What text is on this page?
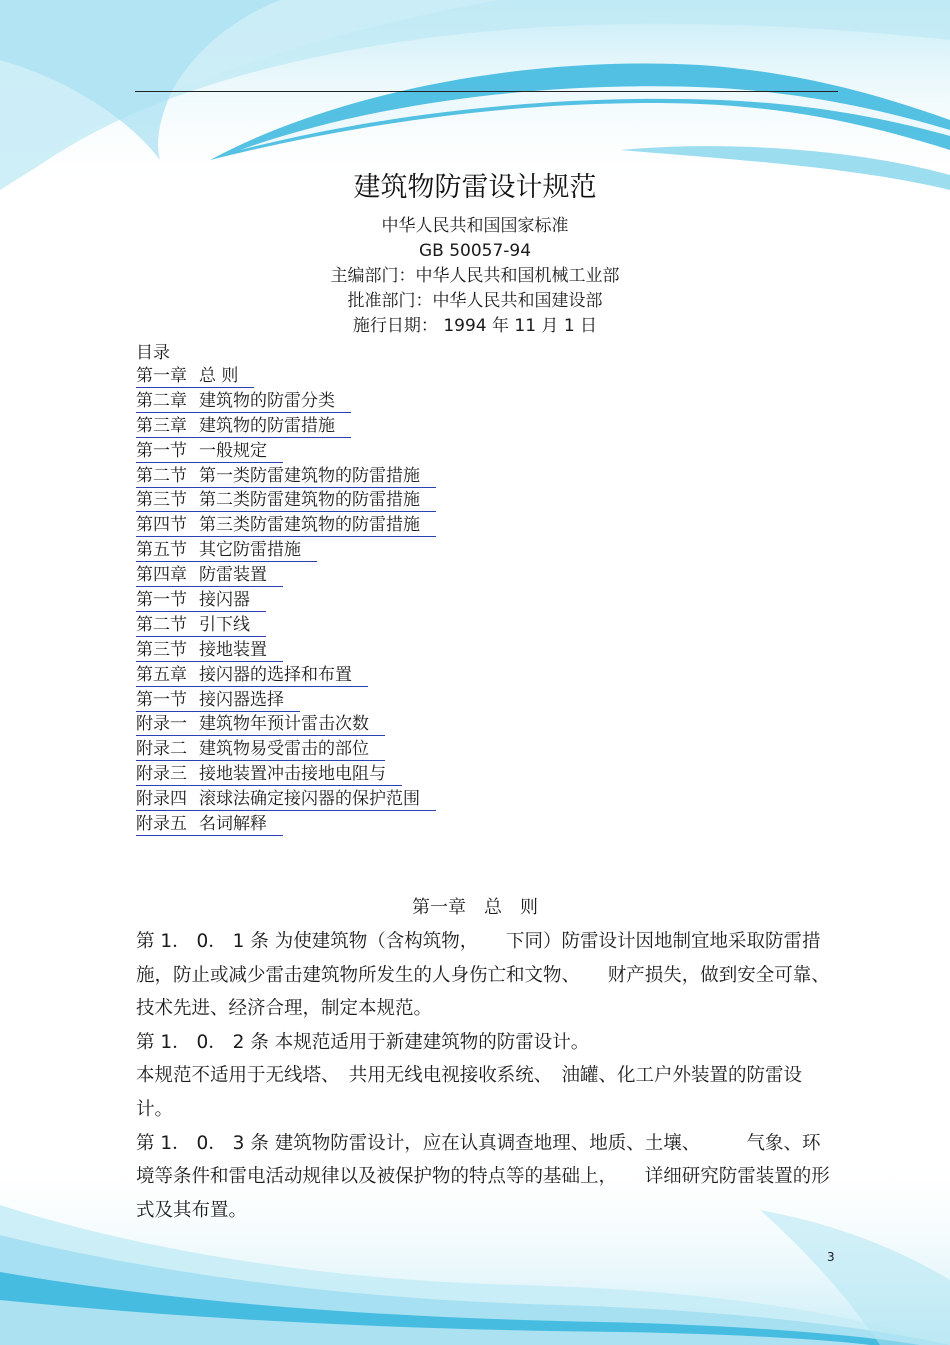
建筑物防雷设计规范
中华人民共和国国家标准
GB 50057-94
主编部门：中华人民共和国机械工业部
批准部门：中华人民共和国建设部
施行日期： 1994 年 11 月 1 日
目录
第一章 总 则
第二章 建筑物的防雷分类
第三章 建筑物的防雷措施
第一节 一般规定
第二节 第一类防雷建筑物的防雷措施
第三节 第二类防雷建筑物的防雷措施
第四节 第三类防雷建筑物的防雷措施
第五节 其它防雷措施
第四章 防雷装置
第一节 接闪器
第二节 引下线
第三节 接地装置
第五章 接闪器的选择和布置
第一节 接闪器选择
附录一 建筑物年预计雷击次数
附录二 建筑物易受雷击的部位
附录三 接地装置冲击接地电阻与
附录四 滚球法确定接闪器的保护范围
附录五 名词解释
第一章　总　则

第 1． 0． 1 条 为使建筑物（含构筑物，　　下同）防雷设计因地制宜地采取防雷措施，防止或减少雷击建筑物所发生的人身伤亡和文物、　　财产损失，做到安全可靠、技术先进、经济合理，制定本规范。

第 1． 0． 2 条 本规范适用于新建建筑物的防雷设计。

本规范不适用于无线塔、　共用无线电视接收系统、　油罐、化工户外装置的防雷设计。

第 1． 0． 3 条 建筑物防雷设计，应在认真调查地理、地质、土壤、　　　气象、环境等条件和雷电活动规律以及被保护物的特点等的基础上，　　详细研究防雷装置的形式及其布置。

3
